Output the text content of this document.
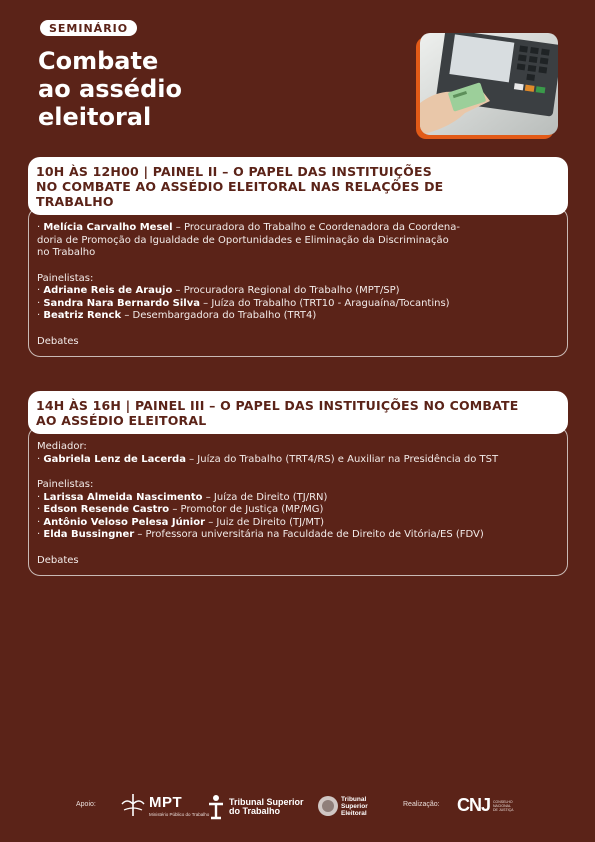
SEMINÁRIO
Combate
ao assédio
eleitoral
10H ÀS 12H00 | PAINEL II – O PAPEL DAS INSTITUIÇÕES
NO COMBATE AO ASSÉDIO ELEITORAL NAS RELAÇÕES DE
TRABALHO

· Melícia Carvalho Mesel – Procuradora do Trabalho e Coordenadora da Coordena-

doria de Promoção da Igualdade de Oportunidades e Eliminação da Discriminação

no Trabalho

Painelistas:

· Adriane Reis de Araujo – Procuradora Regional do Trabalho (MPT/SP)

· Sandra Nara Bernardo Silva – Juíza do Trabalho (TRT10 - Araguaína/Tocantins)

· Beatriz Renck – Desembargadora do Trabalho (TRT4)

Debates

14H ÀS 16H | PAINEL III – O PAPEL DAS INSTITUIÇÕES NO COMBATE
AO ASSÉDIO ELEITORAL

Mediador:

· Gabriela Lenz de Lacerda – Juíza do Trabalho (TRT4/RS) e Auxiliar na Presidência do TST

Painelistas:

· Larissa Almeida Nascimento – Juíza de Direito (TJ/RN)

· Edson Resende Castro – Promotor de Justiça (MP/MG)

· Antônio Veloso Pelesa Júnior – Juiz de Direito (TJ/MT)

· Elda Bussingner – Professora universitária na Faculdade de Direito de Vitória/ES (FDV)

Debates

Apoio:	MPT
Ministério Público do Trabalho
Tribunal Superior
do Trabalho
Tribunal
Superior
Eleitoral
Realização: CNJ CONSELHO
NACIONAL
DE JUSTIÇA
